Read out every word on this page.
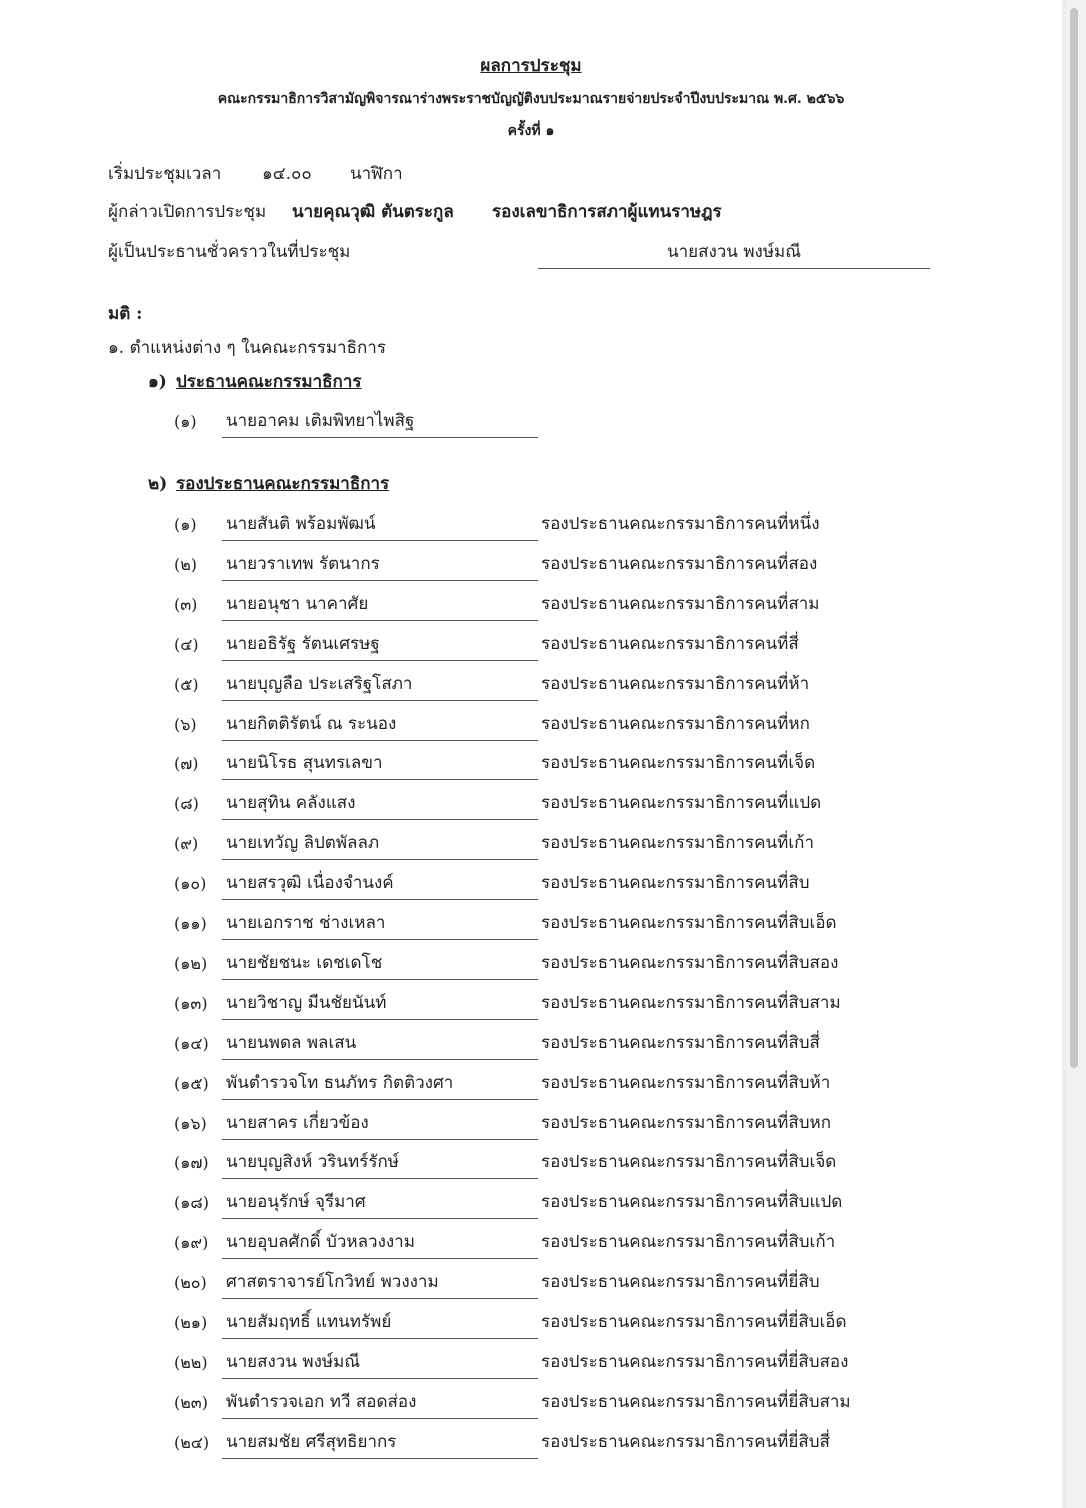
ผลการประชุม
คณะกรรมาธิการวิสามัญพิจารณาร่างพระราชบัญญัติงบประมาณรายจ่ายประจำปีงบประมาณ พ.ศ. ๒๕๖๖
ครั้งที่ ๑
เริ่มประชุมเวลา ๑๔.๐๐ นาฬิกา
ผู้กล่าวเปิดการประชุม นายคุณวุฒิ ตันตระกูล รองเลขาธิการสภาผู้แทนราษฎร
ผู้เป็นประธานชั่วคราวในที่ประชุม	นายสงวน พงษ์มณี
มติ :
๑. ตำแหน่งต่าง ๆ ในคณะกรรมาธิการ
๑) ประธานคณะกรรมาธิการ
(๑) นายอาคม เติมพิทยาไพสิฐ
๒) รองประธานคณะกรรมาธิการ
(๑) นายสันติ พร้อมพัฒน์	รองประธานคณะกรรมาธิการคนที่หนึ่ง
(๒) นายวราเทพ รัตนากร	รองประธานคณะกรรมาธิการคนที่สอง
(๓) นายอนุชา นาคาศัย	รองประธานคณะกรรมาธิการคนที่สาม
(๔) นายอธิรัฐ รัตนเศรษฐ	รองประธานคณะกรรมาธิการคนที่สี่
(๕) นายบุญลือ ประเสริฐโสภา	รองประธานคณะกรรมาธิการคนที่ห้า
(๖) นายกิตติรัตน์ ณ ระนอง	รองประธานคณะกรรมาธิการคนที่หก
(๗) นายนิโรธ สุนทรเลขา	รองประธานคณะกรรมาธิการคนที่เจ็ด
(๘) นายสุทิน คลังแสง	รองประธานคณะกรรมาธิการคนที่แปด
(๙) นายเทวัญ ลิปตพัลลภ	รองประธานคณะกรรมาธิการคนที่เก้า
(๑๐) นายสรวุฒิ เนื่องจำนงค์	รองประธานคณะกรรมาธิการคนที่สิบ
(๑๑) นายเอกราช ช่างเหลา	รองประธานคณะกรรมาธิการคนที่สิบเอ็ด
(๑๒) นายชัยชนะ เดชเดโช	รองประธานคณะกรรมาธิการคนที่สิบสอง
(๑๓) นายวิชาญ มีนชัยนันท์	รองประธานคณะกรรมาธิการคนที่สิบสาม
(๑๔) นายนพดล พลเสน	รองประธานคณะกรรมาธิการคนที่สิบสี่
(๑๕) พันตำรวจโท ธนภัทร กิตติวงศา	รองประธานคณะกรรมาธิการคนที่สิบห้า
(๑๖) นายสาคร เกี่ยวข้อง	รองประธานคณะกรรมาธิการคนที่สิบหก
(๑๗) นายบุญสิงห์ วรินทร์รักษ์	รองประธานคณะกรรมาธิการคนที่สิบเจ็ด
(๑๘) นายอนุรักษ์ จุรีมาศ	รองประธานคณะกรรมาธิการคนที่สิบแปด
(๑๙) นายอุบลศักดิ์ บัวหลวงงาม	รองประธานคณะกรรมาธิการคนที่สิบเก้า
(๒๐) ศาสตราจารย์โกวิทย์ พวงงาม	รองประธานคณะกรรมาธิการคนที่ยี่สิบ
(๒๑) นายสัมฤทธิ์ แทนทรัพย์	รองประธานคณะกรรมาธิการคนที่ยี่สิบเอ็ด
(๒๒) นายสงวน พงษ์มณี	รองประธานคณะกรรมาธิการคนที่ยี่สิบสอง
(๒๓) พันตำรวจเอก ทวี สอดส่อง	รองประธานคณะกรรมาธิการคนที่ยี่สิบสาม
(๒๔) นายสมชัย ศรีสุทธิยากร	รองประธานคณะกรรมาธิการคนที่ยี่สิบสี่
